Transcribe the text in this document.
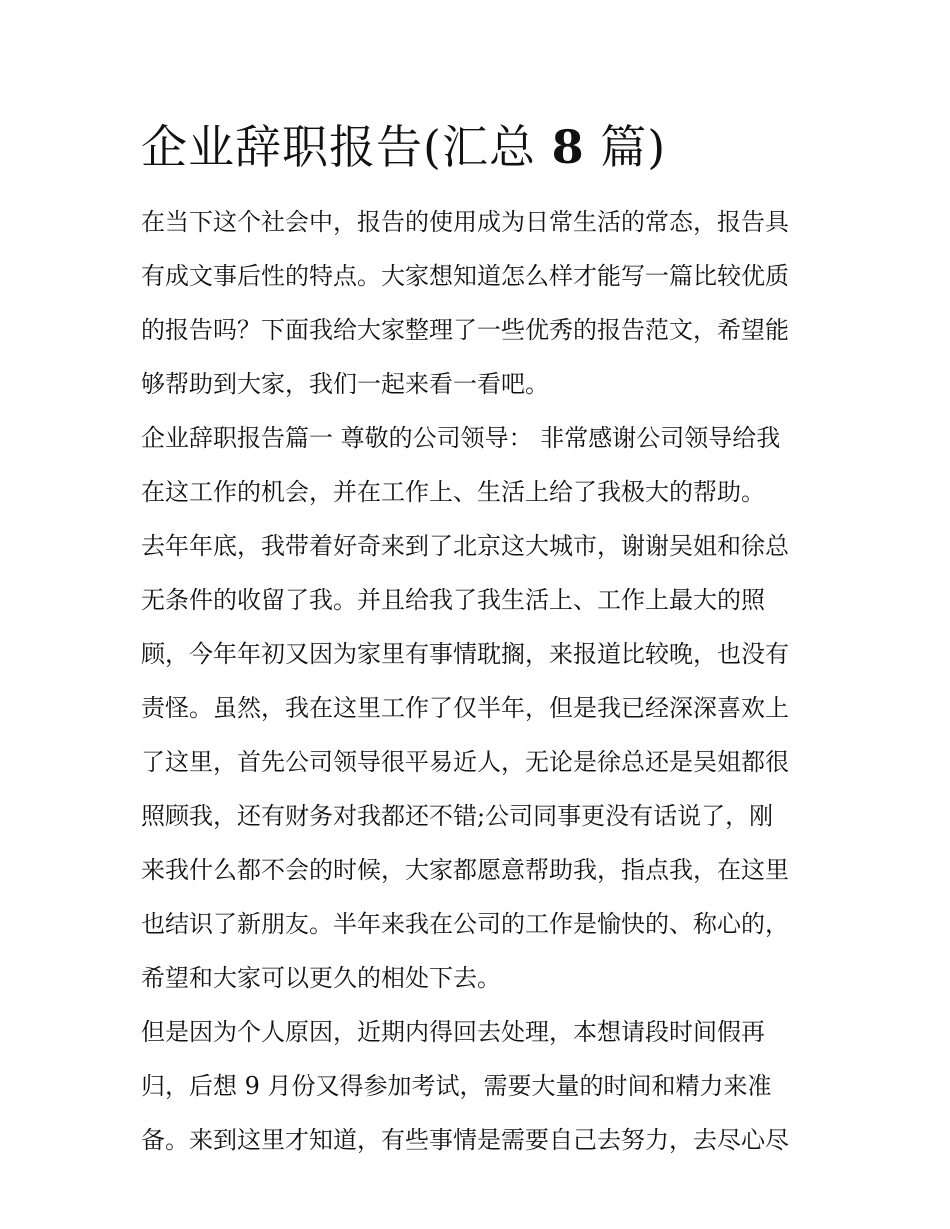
企业辞职报告(汇总 8 篇)
在当下这个社会中，报告的使用成为日常生活的常态，报告具
有成文事后性的特点。大家想知道怎么样才能写一篇比较优质
的报告吗？下面我给大家整理了一些优秀的报告范文，希望能
够帮助到大家，我们一起来看一看吧。
企业辞职报告篇一 尊敬的公司领导： 非常感谢公司领导给我
在这工作的机会，并在工作上、生活上给了我极大的帮助。
去年年底，我带着好奇来到了北京这大城市，谢谢吴姐和徐总
无条件的收留了我。并且给我了我生活上、工作上最大的照
顾，今年年初又因为家里有事情耽搁，来报道比较晚，也没有
责怪。虽然，我在这里工作了仅半年，但是我已经深深喜欢上
了这里，首先公司领导很平易近人，无论是徐总还是吴姐都很
照顾我，还有财务对我都还不错;公司同事更没有话说了，刚
来我什么都不会的时候，大家都愿意帮助我，指点我，在这里
也结识了新朋友。半年来我在公司的工作是愉快的、称心的，
希望和大家可以更久的相处下去。
但是因为个人原因，近期内得回去处理，本想请段时间假再
归，后想 9 月份又得参加考试，需要大量的时间和精力来准
备。来到这里才知道，有些事情是需要自己去努力，去尽心尽
